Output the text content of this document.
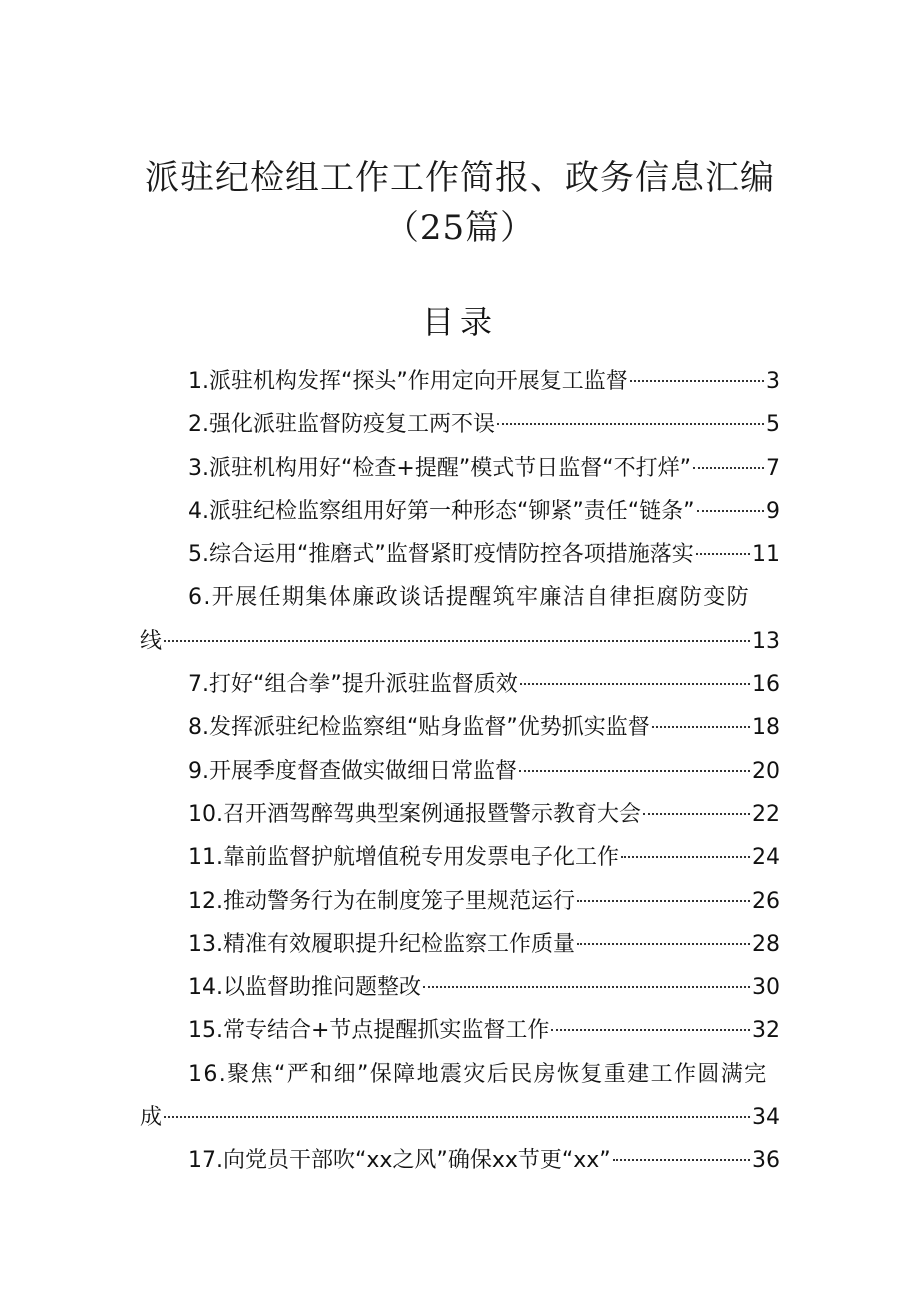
派驻纪检组工作工作简报、政务信息汇编
（25篇）
目录
1.派驻机构发挥“探头”作用定向开展复工监督	3
2.强化派驻监督防疫复工两不误	5
3.派驻机构用好“检查+提醒”模式节日监督“不打烊”	7
4.派驻纪检监察组用好第一种形态“铆紧”责任“链条”	9
5.综合运用“推磨式”监督紧盯疫情防控各项措施落实	11
6.开展任期集体廉政谈话提醒筑牢廉洁自律拒腐防变防
线	13
7.打好“组合拳”提升派驻监督质效	16
8.发挥派驻纪检监察组“贴身监督”优势抓实监督	18
9.开展季度督查做实做细日常监督	20
10.召开酒驾醉驾典型案例通报暨警示教育大会	22
11.靠前监督护航增值税专用发票电子化工作	24
12.推动警务行为在制度笼子里规范运行	26
13.精准有效履职提升纪检监察工作质量	28
14.以监督助推问题整改	30
15.常专结合+节点提醒抓实监督工作	32
16.聚焦“严和细”保障地震灾后民房恢复重建工作圆满完
成	34
17.向党员干部吹“xx之风”确保xx节更“xx”	36
